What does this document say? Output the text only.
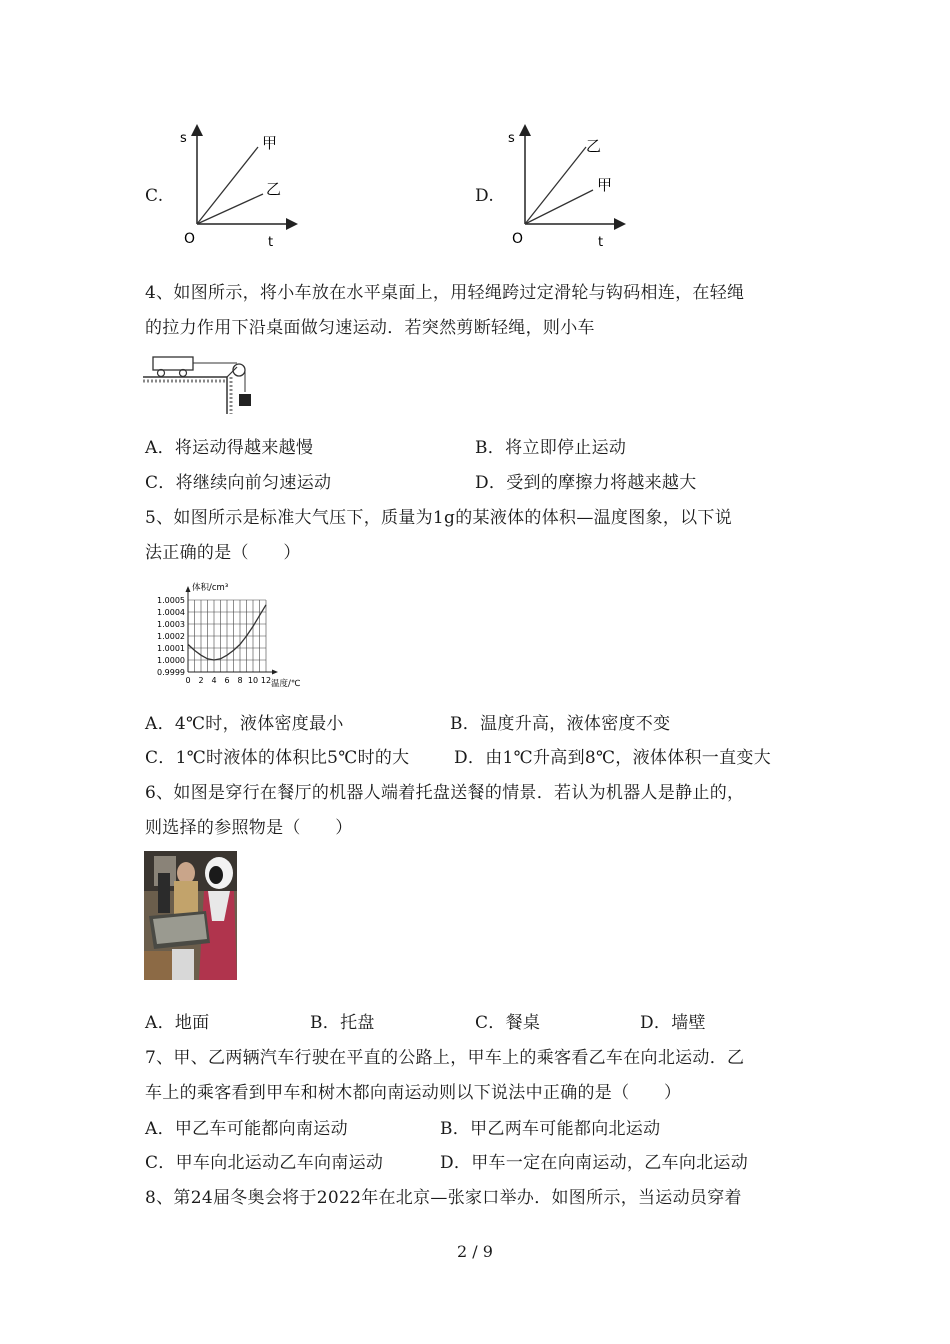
C.
s
t
O
甲
乙	D.
s
t
O
乙
甲
4、如图所示，将小车放在水平桌面上，用轻绳跨过定滑轮与钩码相连，在轻绳
的拉力作用下沿桌面做匀速运动．若突然剪断轻绳，则小车
A．将运动得越来越慢	B．将立即停止运动
C．将继续向前匀速运动	D．受到的摩擦力将越来越大
5、如图所示是标准大气压下，质量为1g的某液体的体积—温度图象，以下说
法正确的是（　　）
0.9999
1.0000
1.0001
1.0002
1.0003
1.0004
1.0005
0 2 4 6 8 10 12
体积/cm³
温度/℃
A．4℃时，液体密度最小	B．温度升高，液体密度不变
C．1℃时液体的体积比5℃时的大	D．由1℃升高到8℃，液体体积一直变大
6、如图是穿行在餐厅的机器人端着托盘送餐的情景．若认为机器人是静止的，
则选择的参照物是（　　）
A．地面	B．托盘	C．餐桌	D．墙壁
7、甲、乙两辆汽车行驶在平直的公路上，甲车上的乘客看乙车在向北运动．乙
车上的乘客看到甲车和树木都向南运动则以下说法中正确的是（　　）
A．甲乙车可能都向南运动	B．甲乙两车可能都向北运动
C．甲车向北运动乙车向南运动	D．甲车一定在向南运动，乙车向北运动
8、第24届冬奥会将于2022年在北京—张家口举办．如图所示，当运动员穿着
2 / 9
